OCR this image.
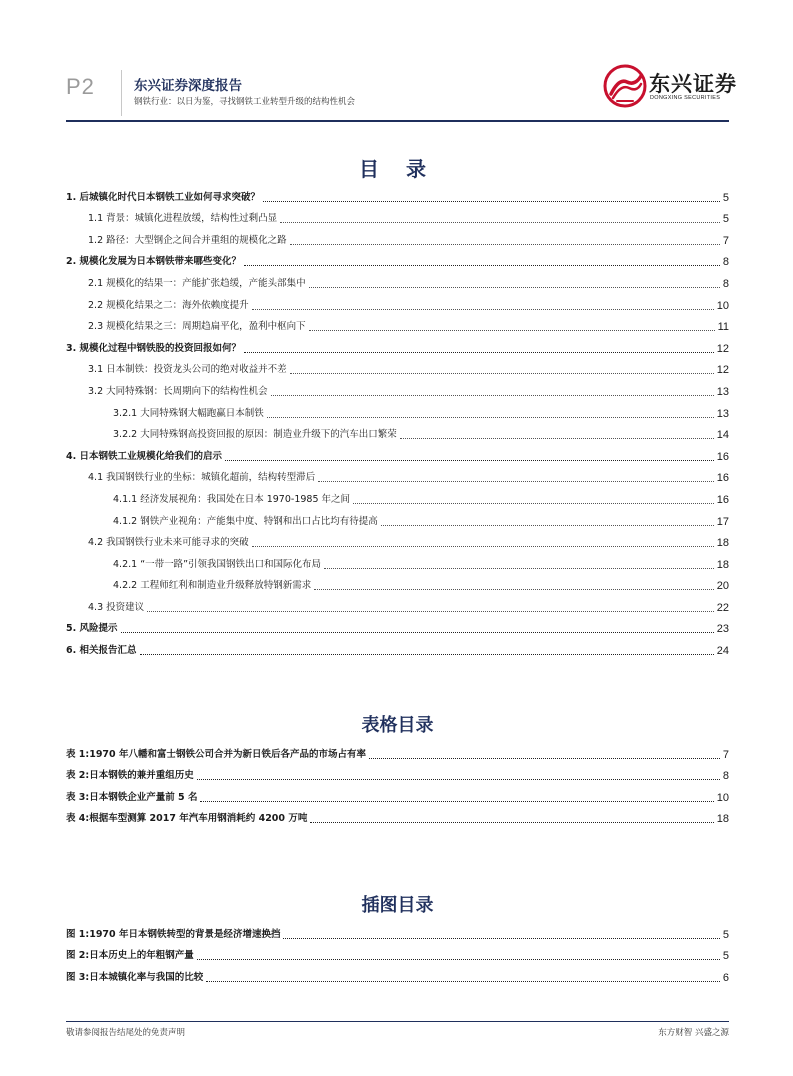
P2	东兴证券深度报告
钢铁行业：以日为鉴，寻找钢铁工业转型升级的结构性机会
东兴证券
DONGXING SECURITIES
目 录
1. 后城镇化时代日本钢铁工业如何寻求突破？	5
1.1 背景：城镇化进程放缓，结构性过剩凸显	5
1.2 路径：大型钢企之间合并重组的规模化之路	7
2. 规模化发展为日本钢铁带来哪些变化？	8
2.1 规模化的结果一：产能扩张趋缓，产能头部集中	8
2.2 规模化结果之二：海外依赖度提升	10
2.3 规模化结果之三：周期趋扁平化，盈利中枢向下	11
3. 规模化过程中钢铁股的投资回报如何？	12
3.1 日本制铁：投资龙头公司的绝对收益并不差	12
3.2 大同特殊钢：长周期向下的结构性机会	13
3.2.1 大同特殊钢大幅跑赢日本制铁	13
3.2.2 大同特殊钢高投资回报的原因：制造业升级下的汽车出口繁荣	14
4. 日本钢铁工业规模化给我们的启示	16
4.1 我国钢铁行业的坐标：城镇化超前，结构转型滞后	16
4.1.1 经济发展视角：我国处在日本 1970-1985 年之间	16
4.1.2 钢铁产业视角：产能集中度、特钢和出口占比均有待提高	17
4.2 我国钢铁行业未来可能寻求的突破	18
4.2.1 “一带一路”引领我国钢铁出口和国际化布局	18
4.2.2 工程师红利和制造业升级释放特钢新需求	20
4.3 投资建议	22
5. 风险提示	23
6. 相关报告汇总	24
表格目录
表 1:1970 年八幡和富士钢铁公司合并为新日铁后各产品的市场占有率	7
表 2:日本钢铁的兼并重组历史	8
表 3:日本钢铁企业产量前 5 名	10
表 4:根据车型测算 2017 年汽车用钢消耗约 4200 万吨	18
插图目录
图 1:1970 年日本钢铁转型的背景是经济增速换挡	5
图 2:日本历史上的年粗钢产量	5
图 3:日本城镇化率与我国的比较	6
敬请参阅报告结尾处的免责声明	东方财智 兴盛之源
